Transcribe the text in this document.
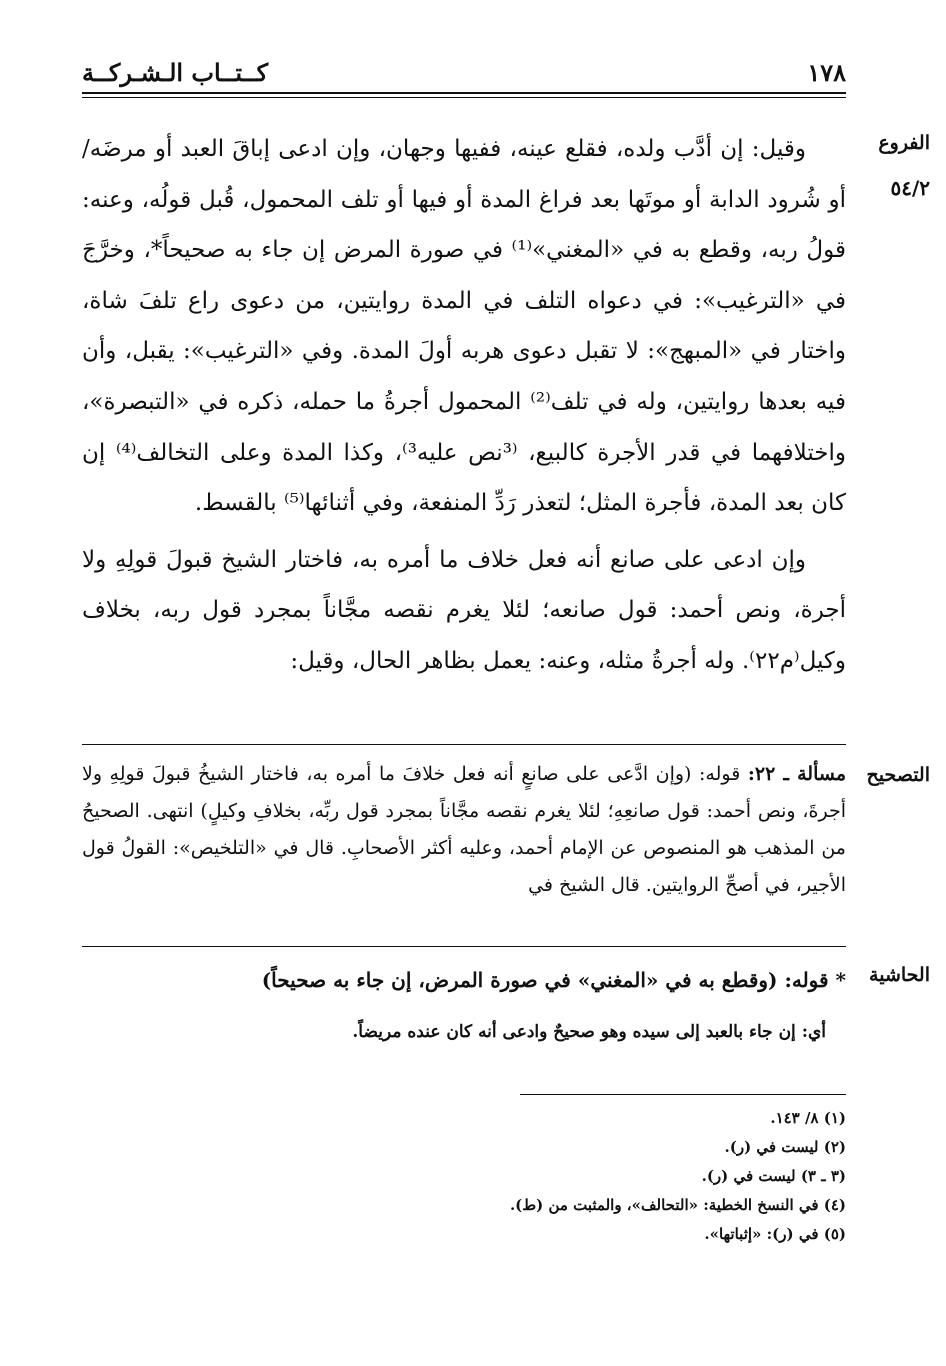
١٧٨
كــتــاب الـشـركــة
الفروع
٥٤/٢

وقيل: إن أدَّب ولده، فقلع عينه، ففيها وجهان، وإن ادعى إباقَ العبد أو مرضَه/ أو شُرود الدابة أو موتَها بعد فراغ المدة أو فيها أو تلف المحمول، قُبل قولُه، وعنه: قولُ ربه، وقطع به في «المغني»⁽¹⁾ في صورة المرض إن جاء به صحيحاً*، وخرَّجَ في «الترغيب»: في دعواه التلف في المدة روايتين، من دعوى راع تلفَ شاة، واختار في «المبهج»: لا تقبل دعوى هربه أولَ المدة. وفي «الترغيب»: يقبل، وأن فيه بعدها روايتين، وله في تلف⁽²⁾ المحمول أجرةُ ما حمله، ذكره في «التبصرة»، واختلافهما في قدر الأجرة كالبيع، ⁽³نص عليه³⁾، وكذا المدة وعلى التخالف⁽⁴⁾ إن كان بعد المدة، فأجرة المثل؛ لتعذر رَدِّ المنفعة، وفي أثنائها⁽⁵⁾ بالقسط.

وإن ادعى على صانع أنه فعل خلاف ما أمره به، فاختار الشيخ قبولَ قولِهِ ولا أجرة، ونص أحمد: قول صانعه؛ لئلا يغرم نقصه مجَّاناً بمجرد قول ربه، بخلاف وكيل⁽م٢٢⁾. وله أجرةُ مثله، وعنه: يعمل بظاهر الحال، وقيل:

التصحيح
مسألة ـ ٢٢: قوله: (وإن ادَّعى على صانعٍ أنه فعل خلافَ ما أمره به، فاختار الشيخُ قبولَ قولِهِ ولا أجرةَ، ونص أحمد: قول صانعِهِ؛ لئلا يغرم نقصه مجَّاناً بمجرد قول ربِّه، بخلافِ وكيلٍ) انتهى. الصحيحُ من المذهب هو المنصوص عن الإمام أحمد، وعليه أكثر الأصحابِ. قال في «التلخيص»: القولُ قول الأجير، في أصحِّ الروايتين. قال الشيخ في
الحاشية
* قوله: (وقطع به في «المغني» في صورة المرض، إن جاء به صحيحاً)
أي: إن جاء بالعبد إلى سيده وهو صحيحٌ وادعى أنه كان عنده مريضاً.
(١) ٨/ ١٤٣.
(٢) ليست في (ر).
(٣ ـ ٣) ليست في (ر).
(٤) في النسخ الخطية: «التحالف»، والمثبت من (ط).
(٥) في (ر): «إثباتها».
